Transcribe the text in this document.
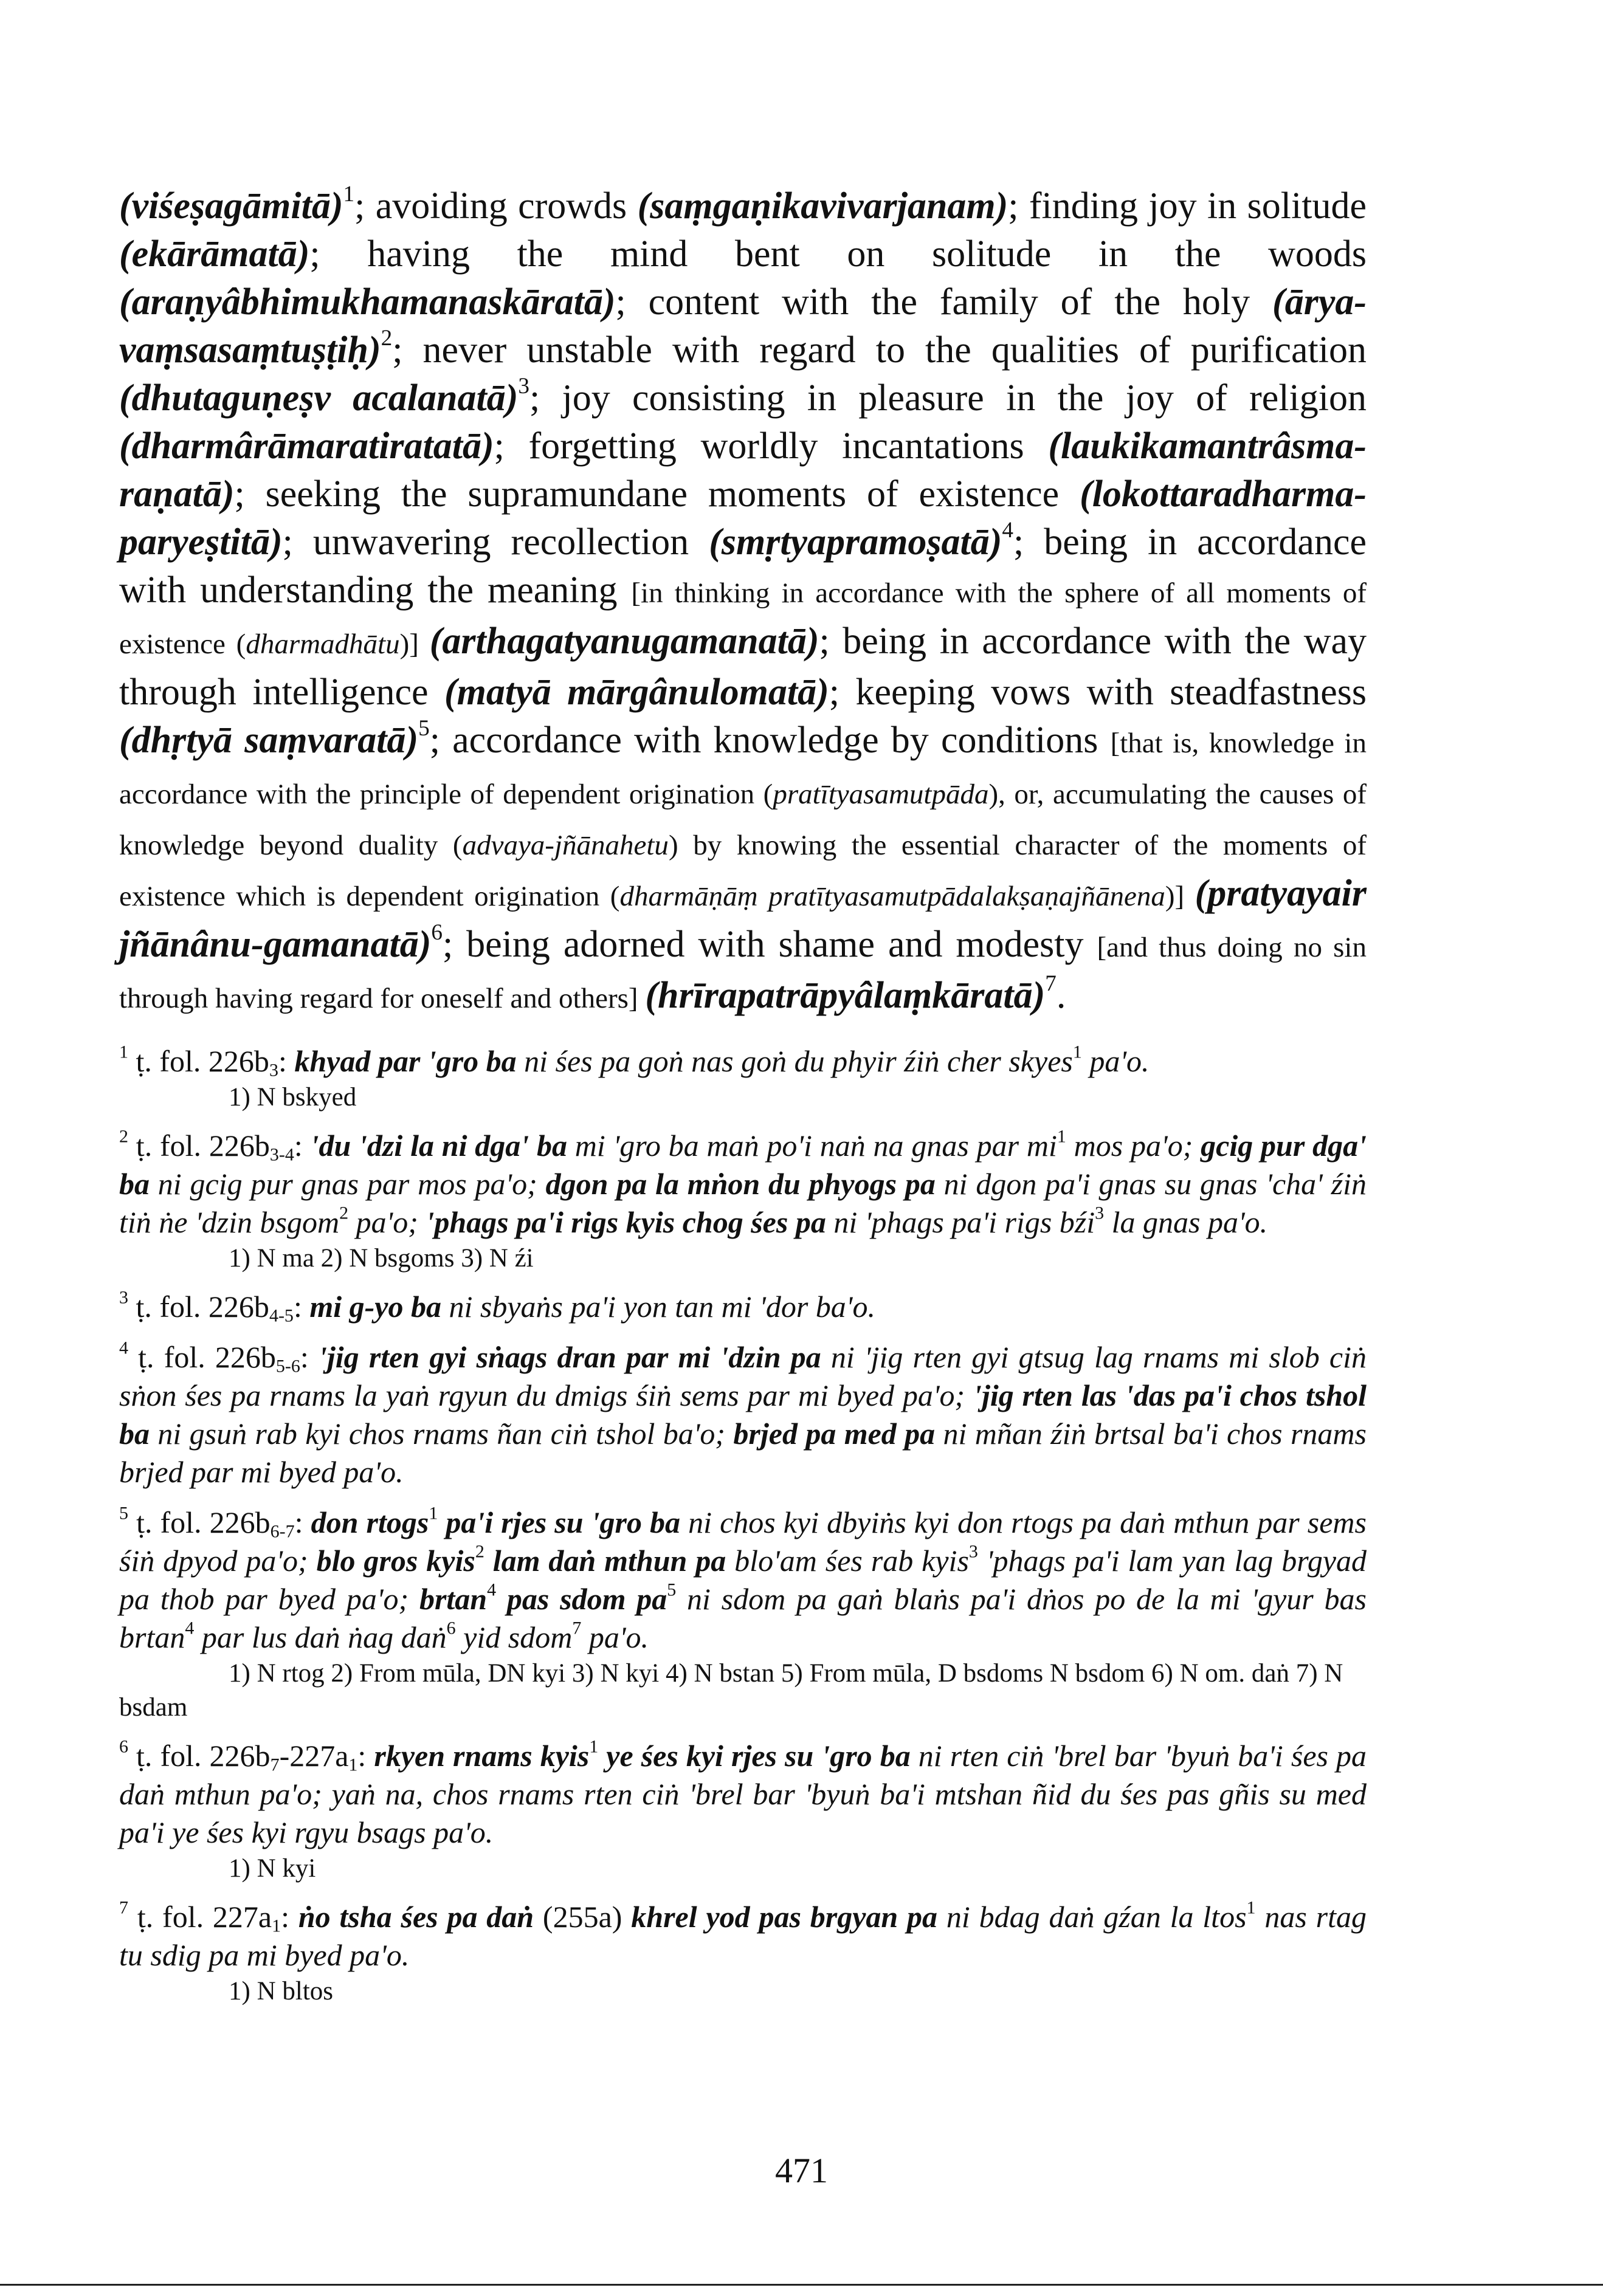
(viśeṣagāmitā)$^1$; avoiding crowds (saṃgaṇikavivarjanam); finding joy in solitude (ekārāmatā); having the mind bent on solitude in the woods (araṇyâbhimukhamanaskāratā); content with the family of the holy (ārya-vaṃsasaṃtuṣṭiḥ)$^2$; never unstable with regard to the qualities of purification (dhutaguṇeṣv acalanatā)$^3$; joy consisting in pleasure in the joy of religion (dharmârāmaratiratatā); forgetting worldly incantations (laukikamantrâsma-raṇatā); seeking the supramundane moments of existence (lokottaradharma-paryeṣtitā); unwavering recollection (smṛtyapramoṣatā)$^4$; being in accordance with understanding the meaning [in thinking in accordance with the sphere of all moments of existence (dharmadhātu)] (arthagatyanugamanatā); being in accordance with the way through intelligence (matyā mārgânulomatā); keeping vows with steadfastness (dhṛtyā saṃvaratā)$^5$; accordance with knowledge by conditions [that is, knowledge in accordance with the principle of dependent origination (pratītyasamutpāda), or, accumulating the causes of knowledge beyond duality (advaya-jñānahetu) by knowing the essential character of the moments of existence which is dependent origination (dharmāṇāṃ pratītyasamutpādalakṣaṇajñānena)] (pratyayair jñānânu-gamanatā)$^6$; being adorned with shame and modesty [and thus doing no sin through having regard for oneself and others] (hrīrapatrāpyâlaṃkāratā)$^7$.

$^1$ ṭ. fol. $226b_3$: khyad par 'gro ba ni śes pa goṅ nas goṅ du phyir źiṅ cher skyes$^1$ pa'o.

1) N bskyed

$^2$ ṭ. fol. $226b_{3-4}$: 'du 'dzi la ni dga' ba mi 'gro ba maṅ po'i naṅ na gnas par $mi^1$ mos pa'o; gcig pur dga' ba ni gcig pur gnas par mos pa'o; dgon pa la mṅon du phyogs pa ni dgon pa'i gnas su gnas 'cha' źiṅ tiṅ ṅe 'dzin bsgom$^2$ pa'o; 'phags pa'i rigs kyis chog śes pa ni 'phags pa'i rigs bźi$^3$ la gnas pa'o.

1) N ma 2) N bsgoms 3) N źi

$^3$ ṭ. fol. $226b_{4-5}$: mi g-yo ba ni sbyaṅs pa'i yon tan mi 'dor ba'o.

$^4$ ṭ. fol. $226b_{5-6}$: 'jig rten gyi sṅags dran par mi 'dzin pa ni 'jig rten gyi gtsug lag rnams mi slob ciṅ sṅon śes pa rnams la yaṅ rgyun du dmigs śiṅ sems par mi byed pa'o; 'jig rten las 'das pa'i chos tshol ba ni gsuṅ rab kyi chos rnams ñan ciṅ tshol ba'o; brjed pa med pa ni mñan źiṅ brtsal ba'i chos rnams brjed par mi byed pa'o.

$^5$ ṭ. fol. $226b_{6-7}$: don rtogs$^1$ pa'i rjes su 'gro ba ni chos kyi dbyiṅs kyi don rtogs pa daṅ mthun par sems śiṅ dpyod pa'o; blo gros kyis$^2$ lam daṅ mthun pa blo'am śes rab kyis$^3$ 'phags pa'i lam yan lag brgyad pa thob par byed pa'o; brtan$^4$ pas sdom $pa^5$ ni sdom pa gaṅ blaṅs pa'i dṅos po de la mi 'gyur bas brtan$^4$ par lus daṅ ṅag daṅ$^6$ yid sdom$^7$ pa'o.

1) N rtog 2) From mūla, DN kyi 3) N kyi 4) N bstan 5) From mūla, D bsdoms N bsdom 6) N om. daṅ 7) N bsdam

$^6$ ṭ. fol. $226b_7-227a_1$: rkyen rnams kyis$^1$ ye śes kyi rjes su 'gro ba ni rten ciṅ 'brel bar 'byuṅ ba'i śes pa daṅ mthun pa'o; yaṅ na, chos rnams rten ciṅ 'brel bar 'byuṅ ba'i mtshan ñid du śes pas gñis su med pa'i ye śes kyi rgyu bsags pa'o.

1) N kyi

$^7$ ṭ. fol. $227a_1$: ṅo tsha śes pa daṅ (255a) khrel yod pas brgyan pa ni bdag daṅ gźan la ltos$^1$ nas rtag tu sdig pa mi byed pa'o.

1) N bltos

471
